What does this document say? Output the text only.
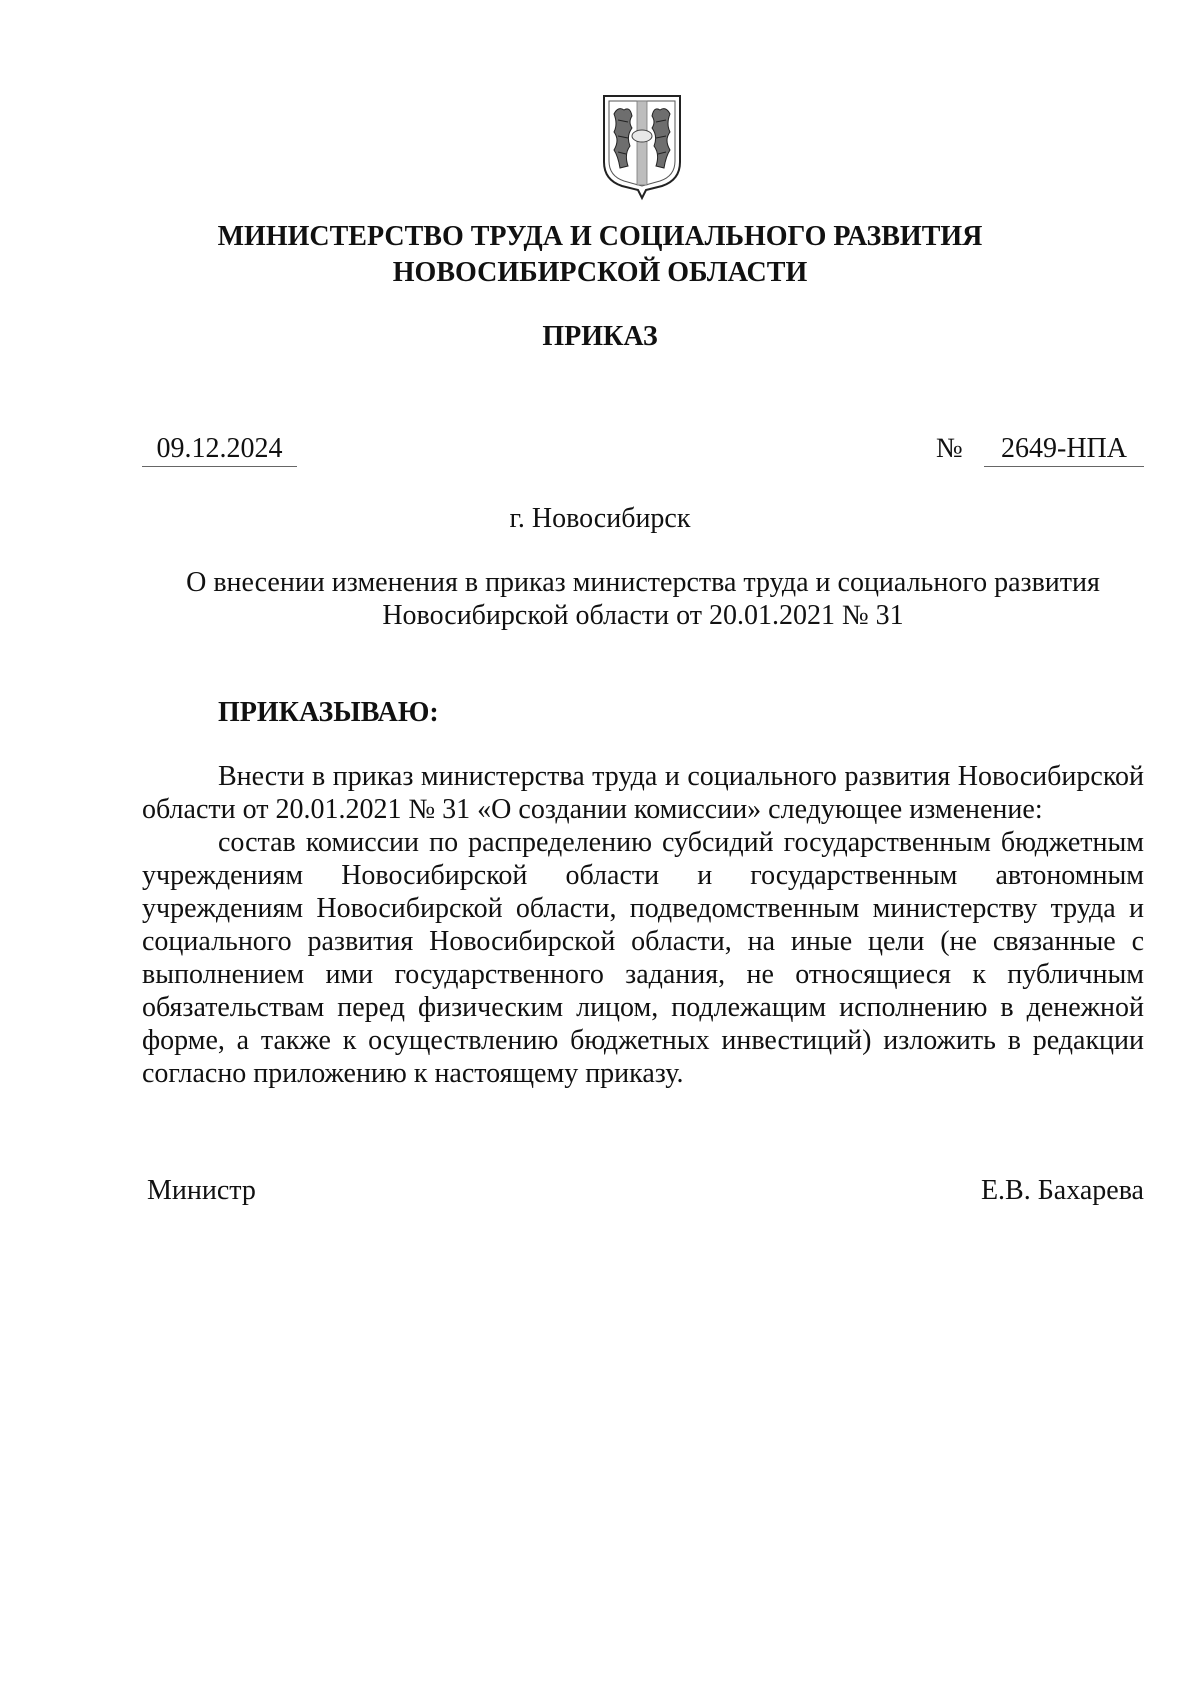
МИНИСТЕРСТВО ТРУДА И СОЦИАЛЬНОГО РАЗВИТИЯ
НОВОСИБИРСКОЙ ОБЛАСТИ
ПРИКАЗ
09.12.2024	№	2649-НПА
г. Новосибирск
О внесении изменения в приказ министерства труда и социального развития Новосибирской области от 20.01.2021 № 31
ПРИКАЗЫВАЮ:

Внести в приказ министерства труда и социального развития Новосибирской области от 20.01.2021 № 31 «О создании комиссии» следующее изменение:

состав комиссии по распределению субсидий государственным бюджетным учреждениям Новосибирской области и государственным автономным учреждениям Новосибирской области, подведомственным министерству труда и социального развития Новосибирской области, на иные цели (не связанные с выполнением ими государственного задания, не относящиеся к публичным обязательствам перед физическим лицом, подлежащим исполнению в денежной форме, а также к осуществлению бюджетных инвестиций) изложить в редакции согласно приложению к настоящему приказу.

Министр	Е.В. Бахарева
